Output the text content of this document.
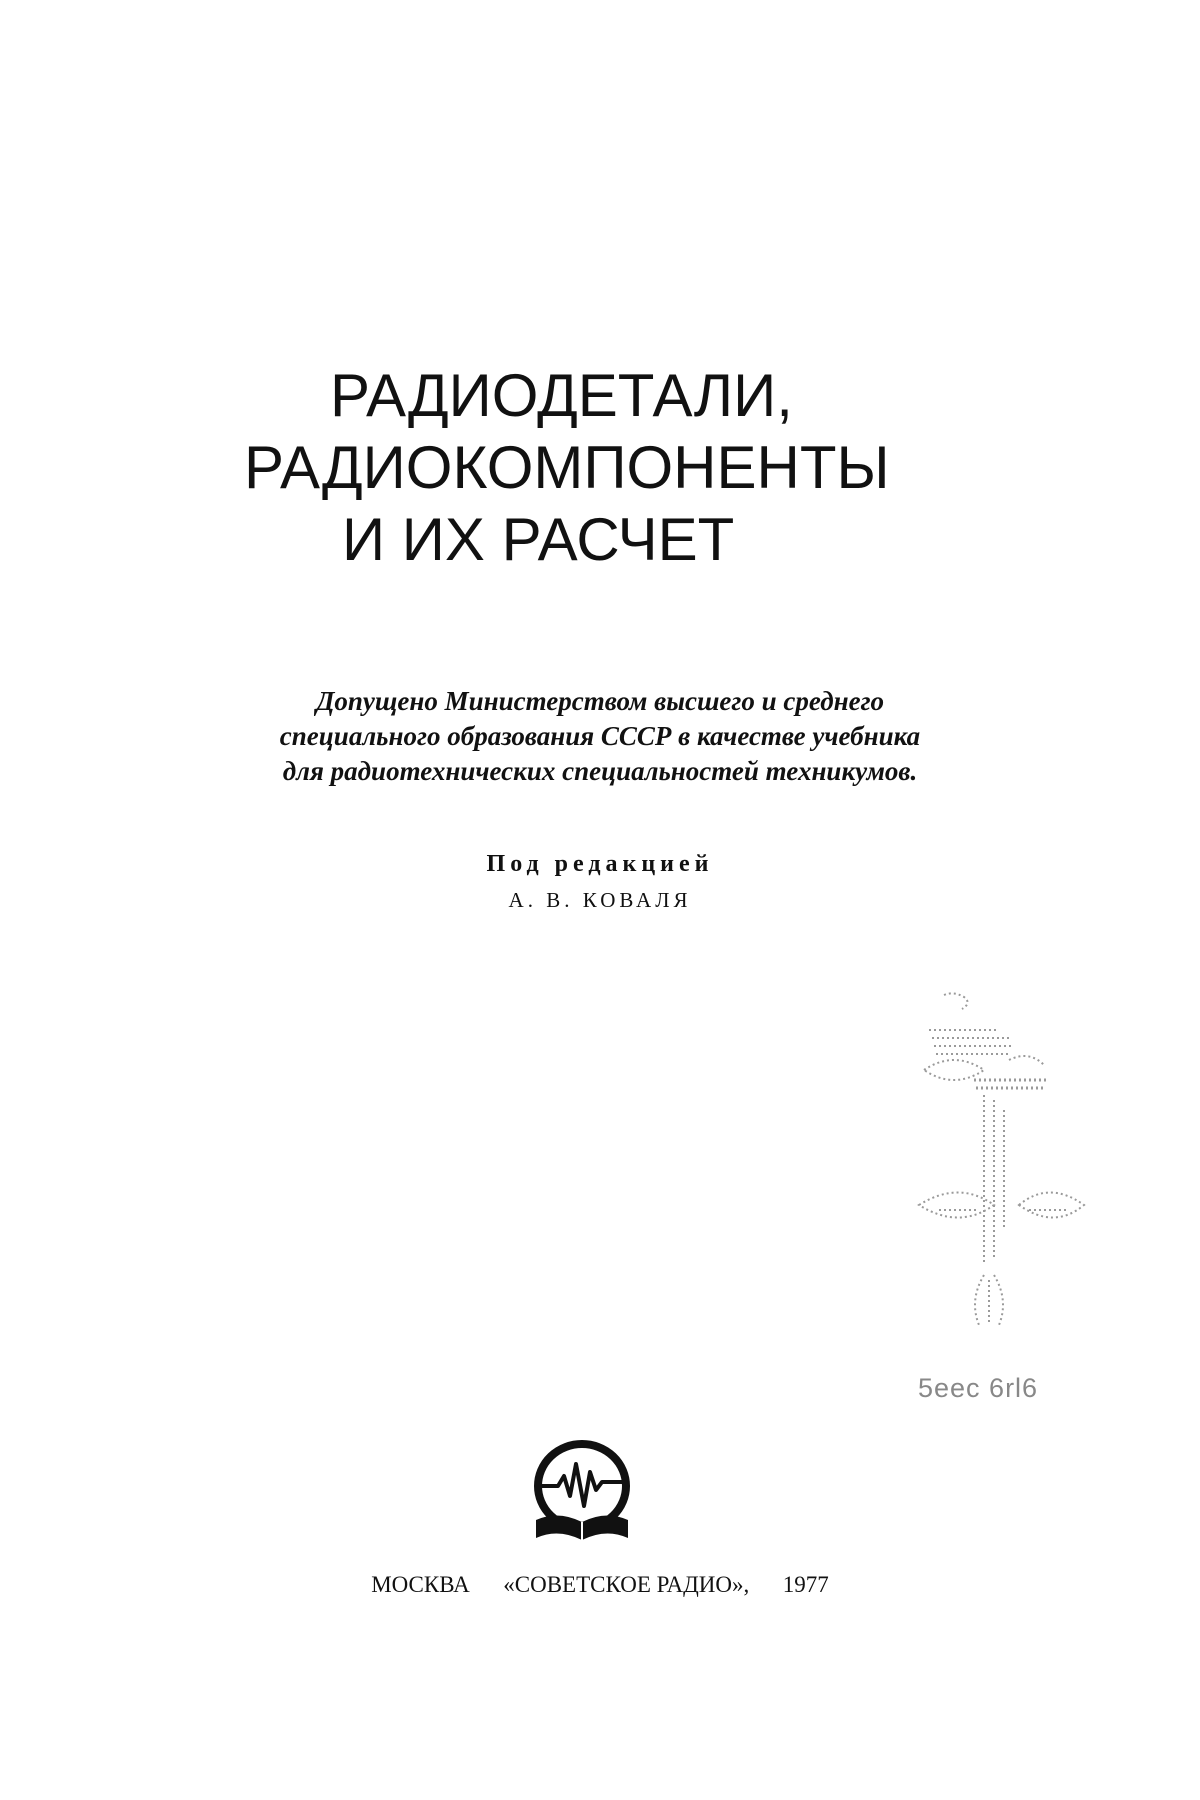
РАДИОДЕТАЛИ,
РАДИОКОМПОНЕНТЫ
И ИХ РАСЧЕТ
Допущено Министерством высшего и среднего
специального образования СССР в качестве учебника
для радиотехнических специальностей техникумов.
Под редакцией
А. В. КОВАЛЯ
5eec 6rl6
МОСКВА «СОВЕТСКОЕ РАДИО», 1977
